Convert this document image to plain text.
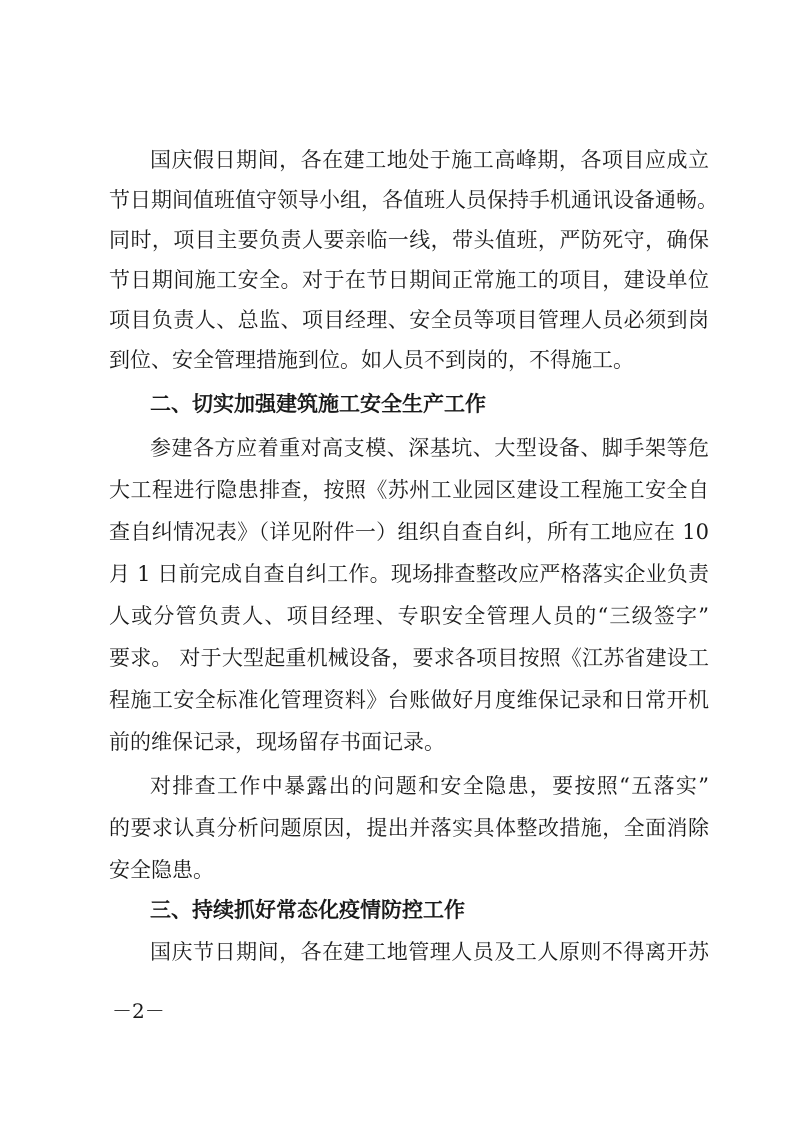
国庆假日期间，各在建工地处于施工高峰期，各项目应成立
节日期间值班值守领导小组，各值班人员保持手机通讯设备通畅。
同时，项目主要负责人要亲临一线，带头值班，严防死守，确保
节日期间施工安全。对于在节日期间正常施工的项目，建设单位
项目负责人、总监、项目经理、安全员等项目管理人员必须到岗
到位、安全管理措施到位。如人员不到岗的，不得施工。
二、切实加强建筑施工安全生产工作
参建各方应着重对高支模、深基坑、大型设备、脚手架等危
大工程进行隐患排查，按照《苏州工业园区建设工程施工安全自
查自纠情况表》（详见附件一）组织自查自纠，所有工地应在 10
月 1 日前完成自查自纠工作。现场排查整改应严格落实企业负责
人或分管负责人、项目经理、专职安全管理人员的“三级签字”
要求。 对于大型起重机械设备，要求各项目按照《江苏省建设工
程施工安全标准化管理资料》台账做好月度维保记录和日常开机
前的维保记录，现场留存书面记录。
对排查工作中暴露出的问题和安全隐患，要按照“五落实”
的要求认真分析问题原因，提出并落实具体整改措施，全面消除
安全隐患。
三、持续抓好常态化疫情防控工作
国庆节日期间，各在建工地管理人员及工人原则不得离开苏
－2－
